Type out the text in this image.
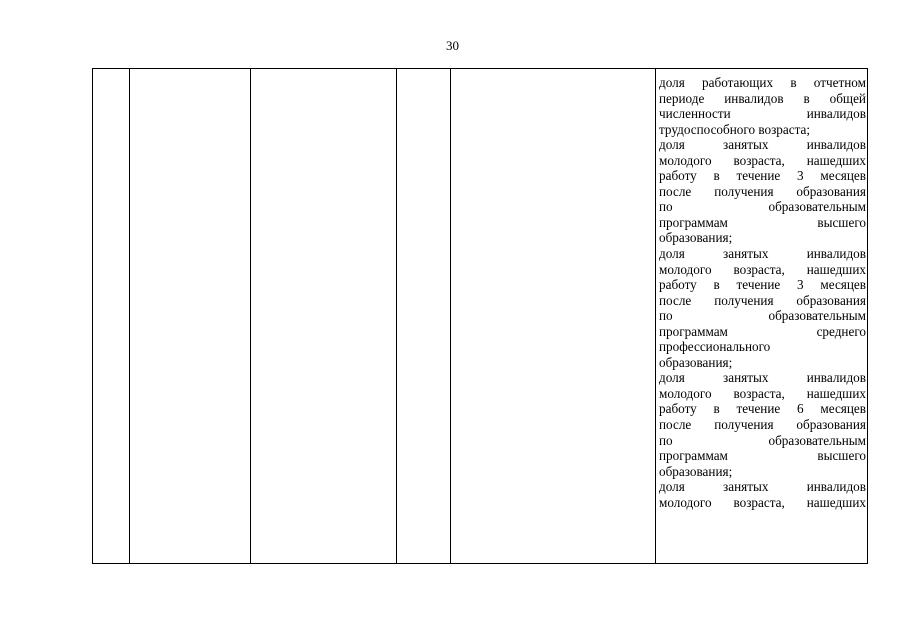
30
доля работающих в отчетном
периоде инвалидов в общей
численности инвалидов
трудоспособного возраста;
доля занятых инвалидов
молодого возраста, нашедших
работу в течение 3 месяцев
после получения образования
по образовательным
программам высшего
образования;
доля занятых инвалидов
молодого возраста, нашедших
работу в течение 3 месяцев
после получения образования
по образовательным
программам среднего
профессионального
образования;
доля занятых инвалидов
молодого возраста, нашедших
работу в течение 6 месяцев
после получения образования
по образовательным
программам высшего
образования;
доля занятых инвалидов
молодого возраста, нашедших
